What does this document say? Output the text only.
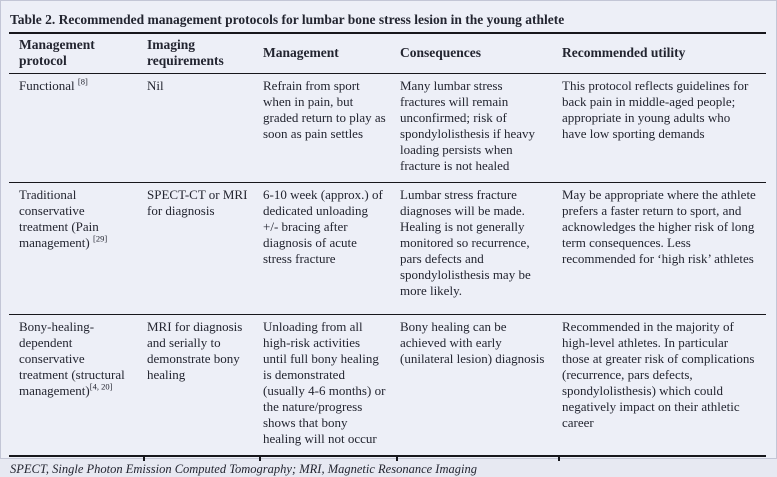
Table 2. Recommended management protocols for lumbar bone stress lesion in the young athlete
Management protocol	Imaging requirements	Management	Consequences	Recommended utility
Functional [8]	Nil	Refrain from sport when in pain, but graded return to play as soon as pain settles	Many lumbar stress fractures will remain unconfirmed; risk of spondylolisthesis if heavy loading persists when fracture is not healed	This protocol reflects guidelines for back pain in middle-aged people; appropriate in young adults who have low sporting demands
Traditional conservative treatment (Pain management) [29]	SPECT-CT or MRI for diagnosis	6-10 week (approx.) of dedicated unloading +/- bracing after diagnosis of acute stress fracture	Lumbar stress fracture diagnoses will be made. Healing is not generally monitored so recurrence, pars defects and spondylolisthesis may be more likely.	May be appropriate where the athlete prefers a faster return to sport, and acknowledges the higher risk of long term consequences. Less recommended for ‘high risk’ athletes
Bony-healing-dependent conservative treatment (structural management)[4, 20]	MRI for diagnosis and serially to demonstrate bony healing	Unloading from all high-risk activities until full bony healing is demonstrated (usually 4-6 months) or the nature/progress shows that bony healing will not occur	Bony healing can be achieved with early (unilateral lesion) diagnosis	Recommended in the majority of high-level athletes. In particular those at greater risk of complications (recurrence, pars defects, spondylolisthesis) which could negatively impact on their athletic career
SPECT, Single Photon Emission Computed Tomography; MRI, Magnetic Resonance Imaging
